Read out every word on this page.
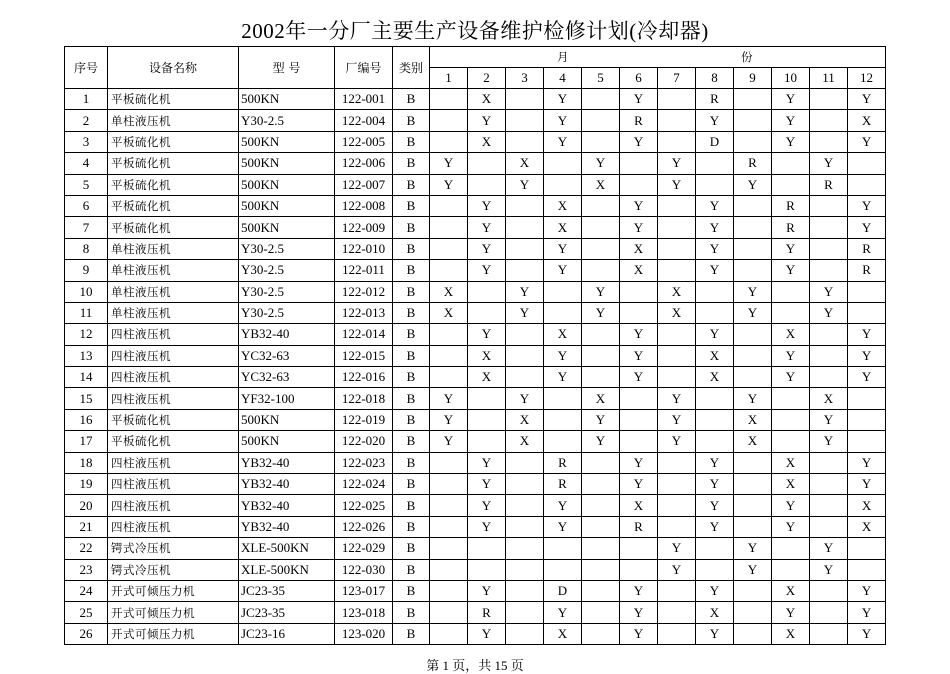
2002年一分厂主要生产设备维护检修计划(冷却器)
序号	设备名称	型 号	厂编号	类别	月 份											

					1	2	3	4	5	6	7	8	9	10	11	12
1	平板硫化机	500KN	122-001	B		X		Y		Y		R		Y		Y
2	单柱液压机	Y30-2.5	122-004	B		Y		Y		R		Y		Y		X
3	平板硫化机	500KN	122-005	B		X		Y		Y		D		Y		Y
4	平板硫化机	500KN	122-006	B	Y		X		Y		Y		R		Y	
5	平板硫化机	500KN	122-007	B	Y		Y		X		Y		Y		R	
6	平板硫化机	500KN	122-008	B		Y		X		Y		Y		R		Y
7	平板硫化机	500KN	122-009	B		Y		X		Y		Y		R		Y
8	单柱液压机	Y30-2.5	122-010	B		Y		Y		X		Y		Y		R
9	单柱液压机	Y30-2.5	122-011	B		Y		Y		X		Y		Y		R
10	单柱液压机	Y30-2.5	122-012	B	X		Y		Y		X		Y		Y	
11	单柱液压机	Y30-2.5	122-013	B	X		Y		Y		X		Y		Y	
12	四柱液压机	YB32-40	122-014	B		Y		X		Y		Y		X		Y
13	四柱液压机	YC32-63	122-015	B		X		Y		Y		X		Y		Y
14	四柱液压机	YC32-63	122-016	B		X		Y		Y		X		Y		Y
15	四柱液压机	YF32-100	122-018	B	Y		Y		X		Y		Y		X	
16	平板硫化机	500KN	122-019	B	Y		X		Y		Y		X		Y	
17	平板硫化机	500KN	122-020	B	Y		X		Y		Y		X		Y	
18	四柱液压机	YB32-40	122-023	B		Y		R		Y		Y		X		Y
19	四柱液压机	YB32-40	122-024	B		Y		R		Y		Y		X		Y
20	四柱液压机	YB32-40	122-025	B		Y		Y		X		Y		Y		X
21	四柱液压机	YB32-40	122-026	B		Y		Y		R		Y		Y		X
22	锷式冷压机	XLE-500KN	122-029	B							Y		Y		Y	
23	锷式冷压机	XLE-500KN	122-030	B							Y		Y		Y	
24	开式可倾压力机	JC23-35	123-017	B		Y		D		Y		Y		X		Y
25	开式可倾压力机	JC23-35	123-018	B		R		Y		Y		X		Y		Y
26	开式可倾压力机	JC23-16	123-020	B		Y		X		Y		Y		X		Y
第 1 页，共 15 页
